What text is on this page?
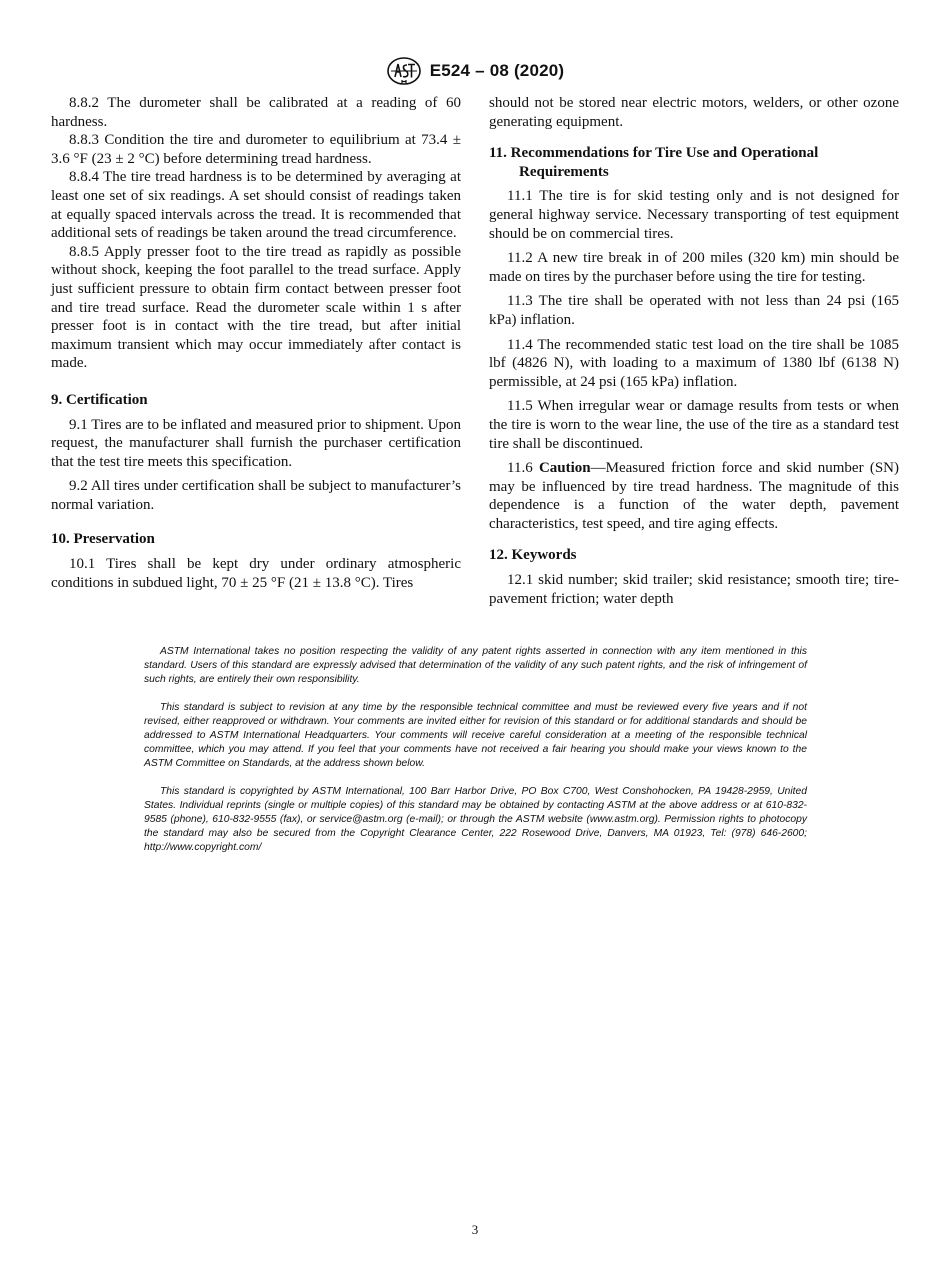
E524 – 08 (2020)

8.8.2 The durometer shall be calibrated at a reading of 60 hardness.

8.8.3 Condition the tire and durometer to equilibrium at 73.4 ± 3.6 °F (23 ± 2 °C) before determining tread hardness.

8.8.4 The tire tread hardness is to be determined by averaging at least one set of six readings. A set should consist of readings taken at equally spaced intervals across the tread. It is recommended that additional sets of readings be taken around the tread circumference.

8.8.5 Apply presser foot to the tire tread as rapidly as possible without shock, keeping the foot parallel to the tread surface. Apply just sufficient pressure to obtain firm contact between presser foot and tire tread surface. Read the durometer scale within 1 s after presser foot is in contact with the tire tread, but after initial maximum transient which may occur immediately after contact is made.

9. Certification

9.1 Tires are to be inflated and measured prior to shipment. Upon request, the manufacturer shall furnish the purchaser certification that the test tire meets this specification.

9.2 All tires under certification shall be subject to manufacturer’s normal variation.

10. Preservation

10.1 Tires shall be kept dry under ordinary atmospheric conditions in subdued light, 70 ± 25 °F (21 ± 13.8 °C). Tires

should not be stored near electric motors, welders, or other ozone generating equipment.

11. Recommendations for Tire Use and Operational Requirements

11.1 The tire is for skid testing only and is not designed for general highway service. Necessary transporting of test equipment should be on commercial tires.

11.2 A new tire break in of 200 miles (320 km) min should be made on tires by the purchaser before using the tire for testing.

11.3 The tire shall be operated with not less than 24 psi (165 kPa) inflation.

11.4 The recommended static test load on the tire shall be 1085 lbf (4826 N), with loading to a maximum of 1380 lbf (6138 N) permissible, at 24 psi (165 kPa) inflation.

11.5 When irregular wear or damage results from tests or when the tire is worn to the wear line, the use of the tire as a standard test tire shall be discontinued.

11.6 Caution—Measured friction force and skid number (SN) may be influenced by tire tread hardness. The magnitude of this dependence is a function of the water depth, pavement characteristics, test speed, and tire aging effects.

12. Keywords

12.1 skid number; skid trailer; skid resistance; smooth tire; tire-pavement friction; water depth

ASTM International takes no position respecting the validity of any patent rights asserted in connection with any item mentioned in this standard. Users of this standard are expressly advised that determination of the validity of any such patent rights, and the risk of infringement of such rights, are entirely their own responsibility.

This standard is subject to revision at any time by the responsible technical committee and must be reviewed every five years and if not revised, either reapproved or withdrawn. Your comments are invited either for revision of this standard or for additional standards and should be addressed to ASTM International Headquarters. Your comments will receive careful consideration at a meeting of the responsible technical committee, which you may attend. If you feel that your comments have not received a fair hearing you should make your views known to the ASTM Committee on Standards, at the address shown below.

This standard is copyrighted by ASTM International, 100 Barr Harbor Drive, PO Box C700, West Conshohocken, PA 19428-2959, United States. Individual reprints (single or multiple copies) of this standard may be obtained by contacting ASTM at the above address or at 610-832-9585 (phone), 610-832-9555 (fax), or service@astm.org (e-mail); or through the ASTM website (www.astm.org). Permission rights to photocopy the standard may also be secured from the Copyright Clearance Center, 222 Rosewood Drive, Danvers, MA 01923, Tel: (978) 646-2600; http://www.copyright.com/

3
